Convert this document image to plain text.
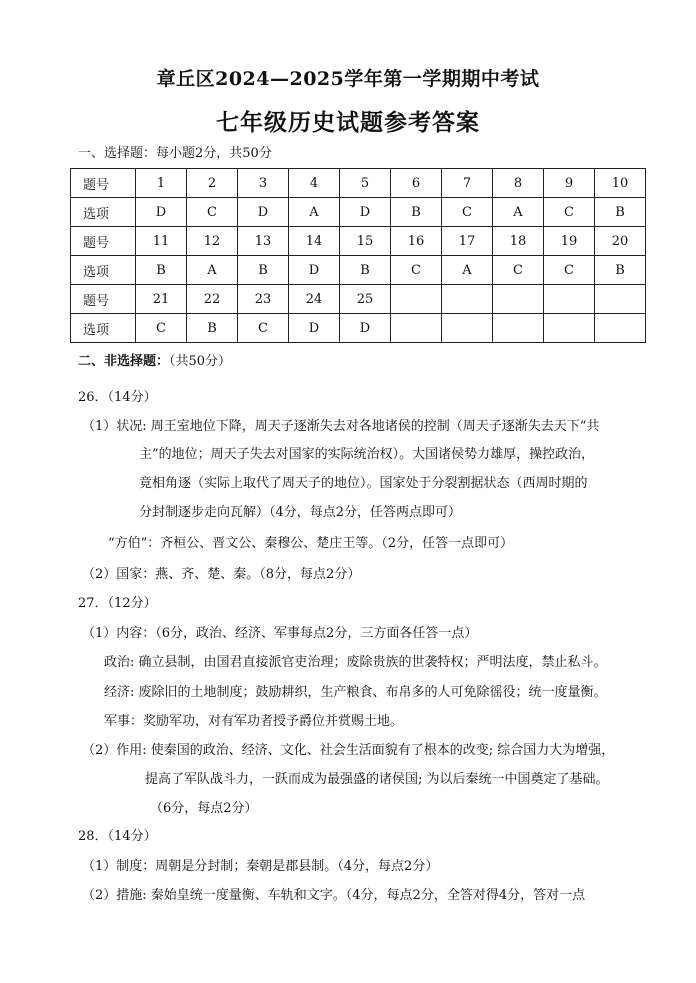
章丘区2024—2025学年第一学期期中考试
七年级历史试题参考答案
一、选择题：每小题2分，共50分
题号	1	2	3	4	5	6	7	8	9	10
选项	D	C	D	A	D	B	C	A	C	B
题号	11	12	13	14	15	16	17	18	19	20
选项	B	A	B	D	B	C	A	C	C	B
题号	21	22	23	24	25					
选项	C	B	C	D	D					
二、非选择题：（共50分）
26．（14分）
（1）状况: 周王室地位下降，周天子逐渐失去对各地诸侯的控制（周天子逐渐失去天下“共
主”的地位；周天子失去对国家的实际统治权）。大国诸侯势力雄厚，操控政治，
竟相角逐（实际上取代了周天子的地位）。国家处于分裂割据状态（西周时期的
分封制逐步走向瓦解）（4分，每点2分，任答两点即可）
“方伯”：齐桓公、晋文公、秦穆公、楚庄王等。（2分，任答一点即可）
（2）国家：燕、齐、楚、秦。（8分，每点2分）
27．（12分）
（1）内容：（6分，政治、经济、军事每点2分，三方面各任答一点）
政治: 确立县制，由国君直接派官吏治理；废除贵族的世袭特权；严明法度，禁止私斗。
经济: 废除旧的土地制度；鼓励耕织，生产粮食、布帛多的人可免除徭役；统一度量衡。
军事：奖励军功，对有军功者授予爵位并赏赐土地。
（2）作用: 使秦国的政治、经济、文化、社会生活面貌有了根本的改变; 综合国力大为增强，
提高了军队战斗力，一跃而成为最强盛的诸侯国; 为以后秦统一中国奠定了基础。
（6分，每点2分）
28．（14分）
（1）制度：周朝是分封制；秦朝是郡县制。（4分，每点2分）
（2）措施: 秦始皇统一度量衡、车轨和文字。（4分，每点2分，全答对得4分，答对一点
